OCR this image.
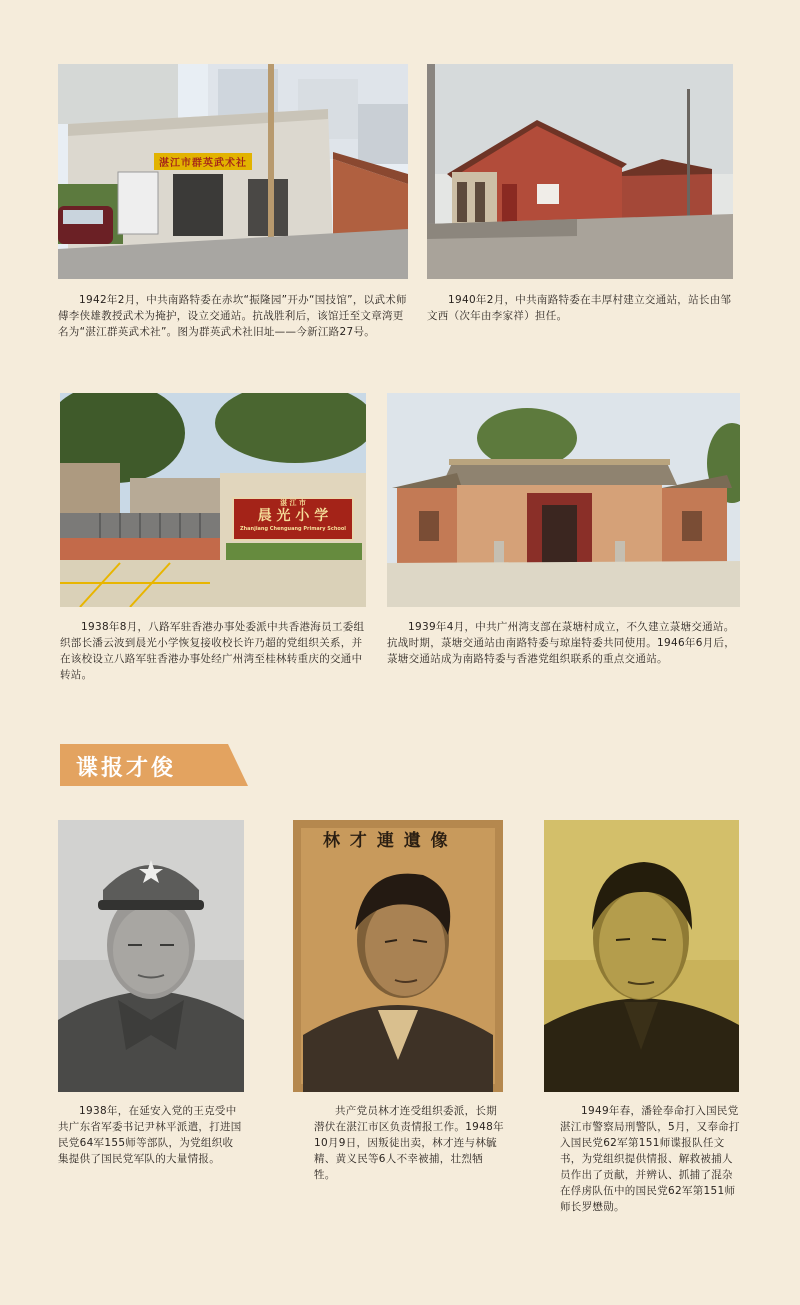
湛江市群英武术社

1942年2月，中共南路特委在赤坎“振隆园”开办“国技馆”，以武术师傅李侠雄教授武术为掩护，设立交通站。抗战胜利后，该馆迁至文章湾更名为“湛江群英武术社”。图为群英武术社旧址——今新江路27号。

1940年2月，中共南路特委在丰厚村建立交通站，站长由邹文西（次年由李家祥）担任。

湛 江 市
晨 光 小 学
Zhanjiang Chenguang Primary School

1938年8月，八路军驻香港办事处委派中共香港海员工委组织部长潘云波到晨光小学恢复接收校长许乃超的党组织关系，并在该校设立八路军驻香港办事处经广州湾至桂林转重庆的交通中转站。

1939年4月，中共广州湾支部在菉塘村成立，不久建立菉塘交通站。抗战时期，菉塘交通站由南路特委与琼崖特委共同使用。1946年6月后，菉塘交通站成为南路特委与香港党组织联系的重点交通站。

谍报才俊

1938年，在延安入党的王克受中共广东省军委书记尹林平派遣，打进国民党64军155师等部队，为党组织收集提供了国民党军队的大量情报。

林 才 連 遺 像

共产党员林才连受组织委派，长期潜伏在湛江市区负责情报工作。1948年10月9日，因叛徒出卖，林才连与林毓精、黄义民等6人不幸被捕，壮烈牺牲。

1949年春，潘铨奉命打入国民党湛江市警察局刑警队，5月，又奉命打入国民党62军第151师谍报队任文书，为党组织提供情报、解救被捕人员作出了贡献，并辨认、抓捕了混杂在俘虏队伍中的国民党62军第151师师长罗懋勋。
